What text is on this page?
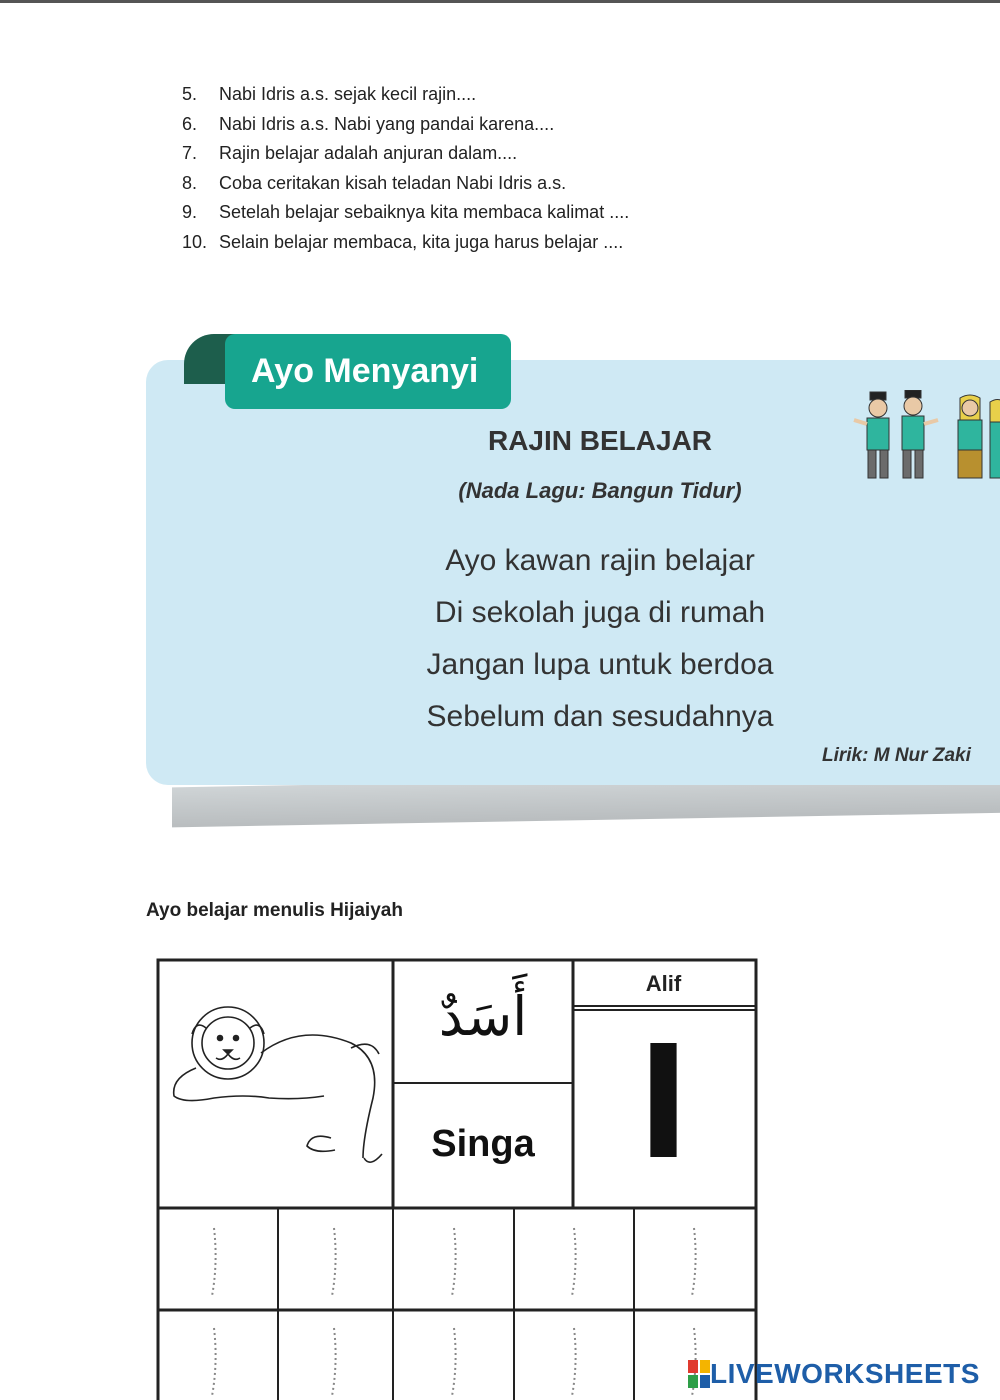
5. Nabi Idris a.s. sejak kecil rajin....
6. Nabi Idris a.s. Nabi yang pandai karena....
7. Rajin belajar adalah anjuran dalam....
8. Coba ceritakan kisah teladan Nabi Idris a.s.
9. Setelah belajar sebaiknya kita membaca kalimat ....
10. Selain belajar membaca, kita juga harus belajar ....
Ayo Menyanyi
RAJIN BELAJAR
(Nada Lagu: Bangun Tidur)
Ayo kawan rajin belajar
Di sekolah juga di rumah
Jangan lupa untuk berdoa
Sebelum dan sesudahnya
Lirik: M Nur Zaki
Ayo belajar menulis Hijaiyah
أَسَدٌ
Singa
Alif
ا
LIVEWORKSHEETS
